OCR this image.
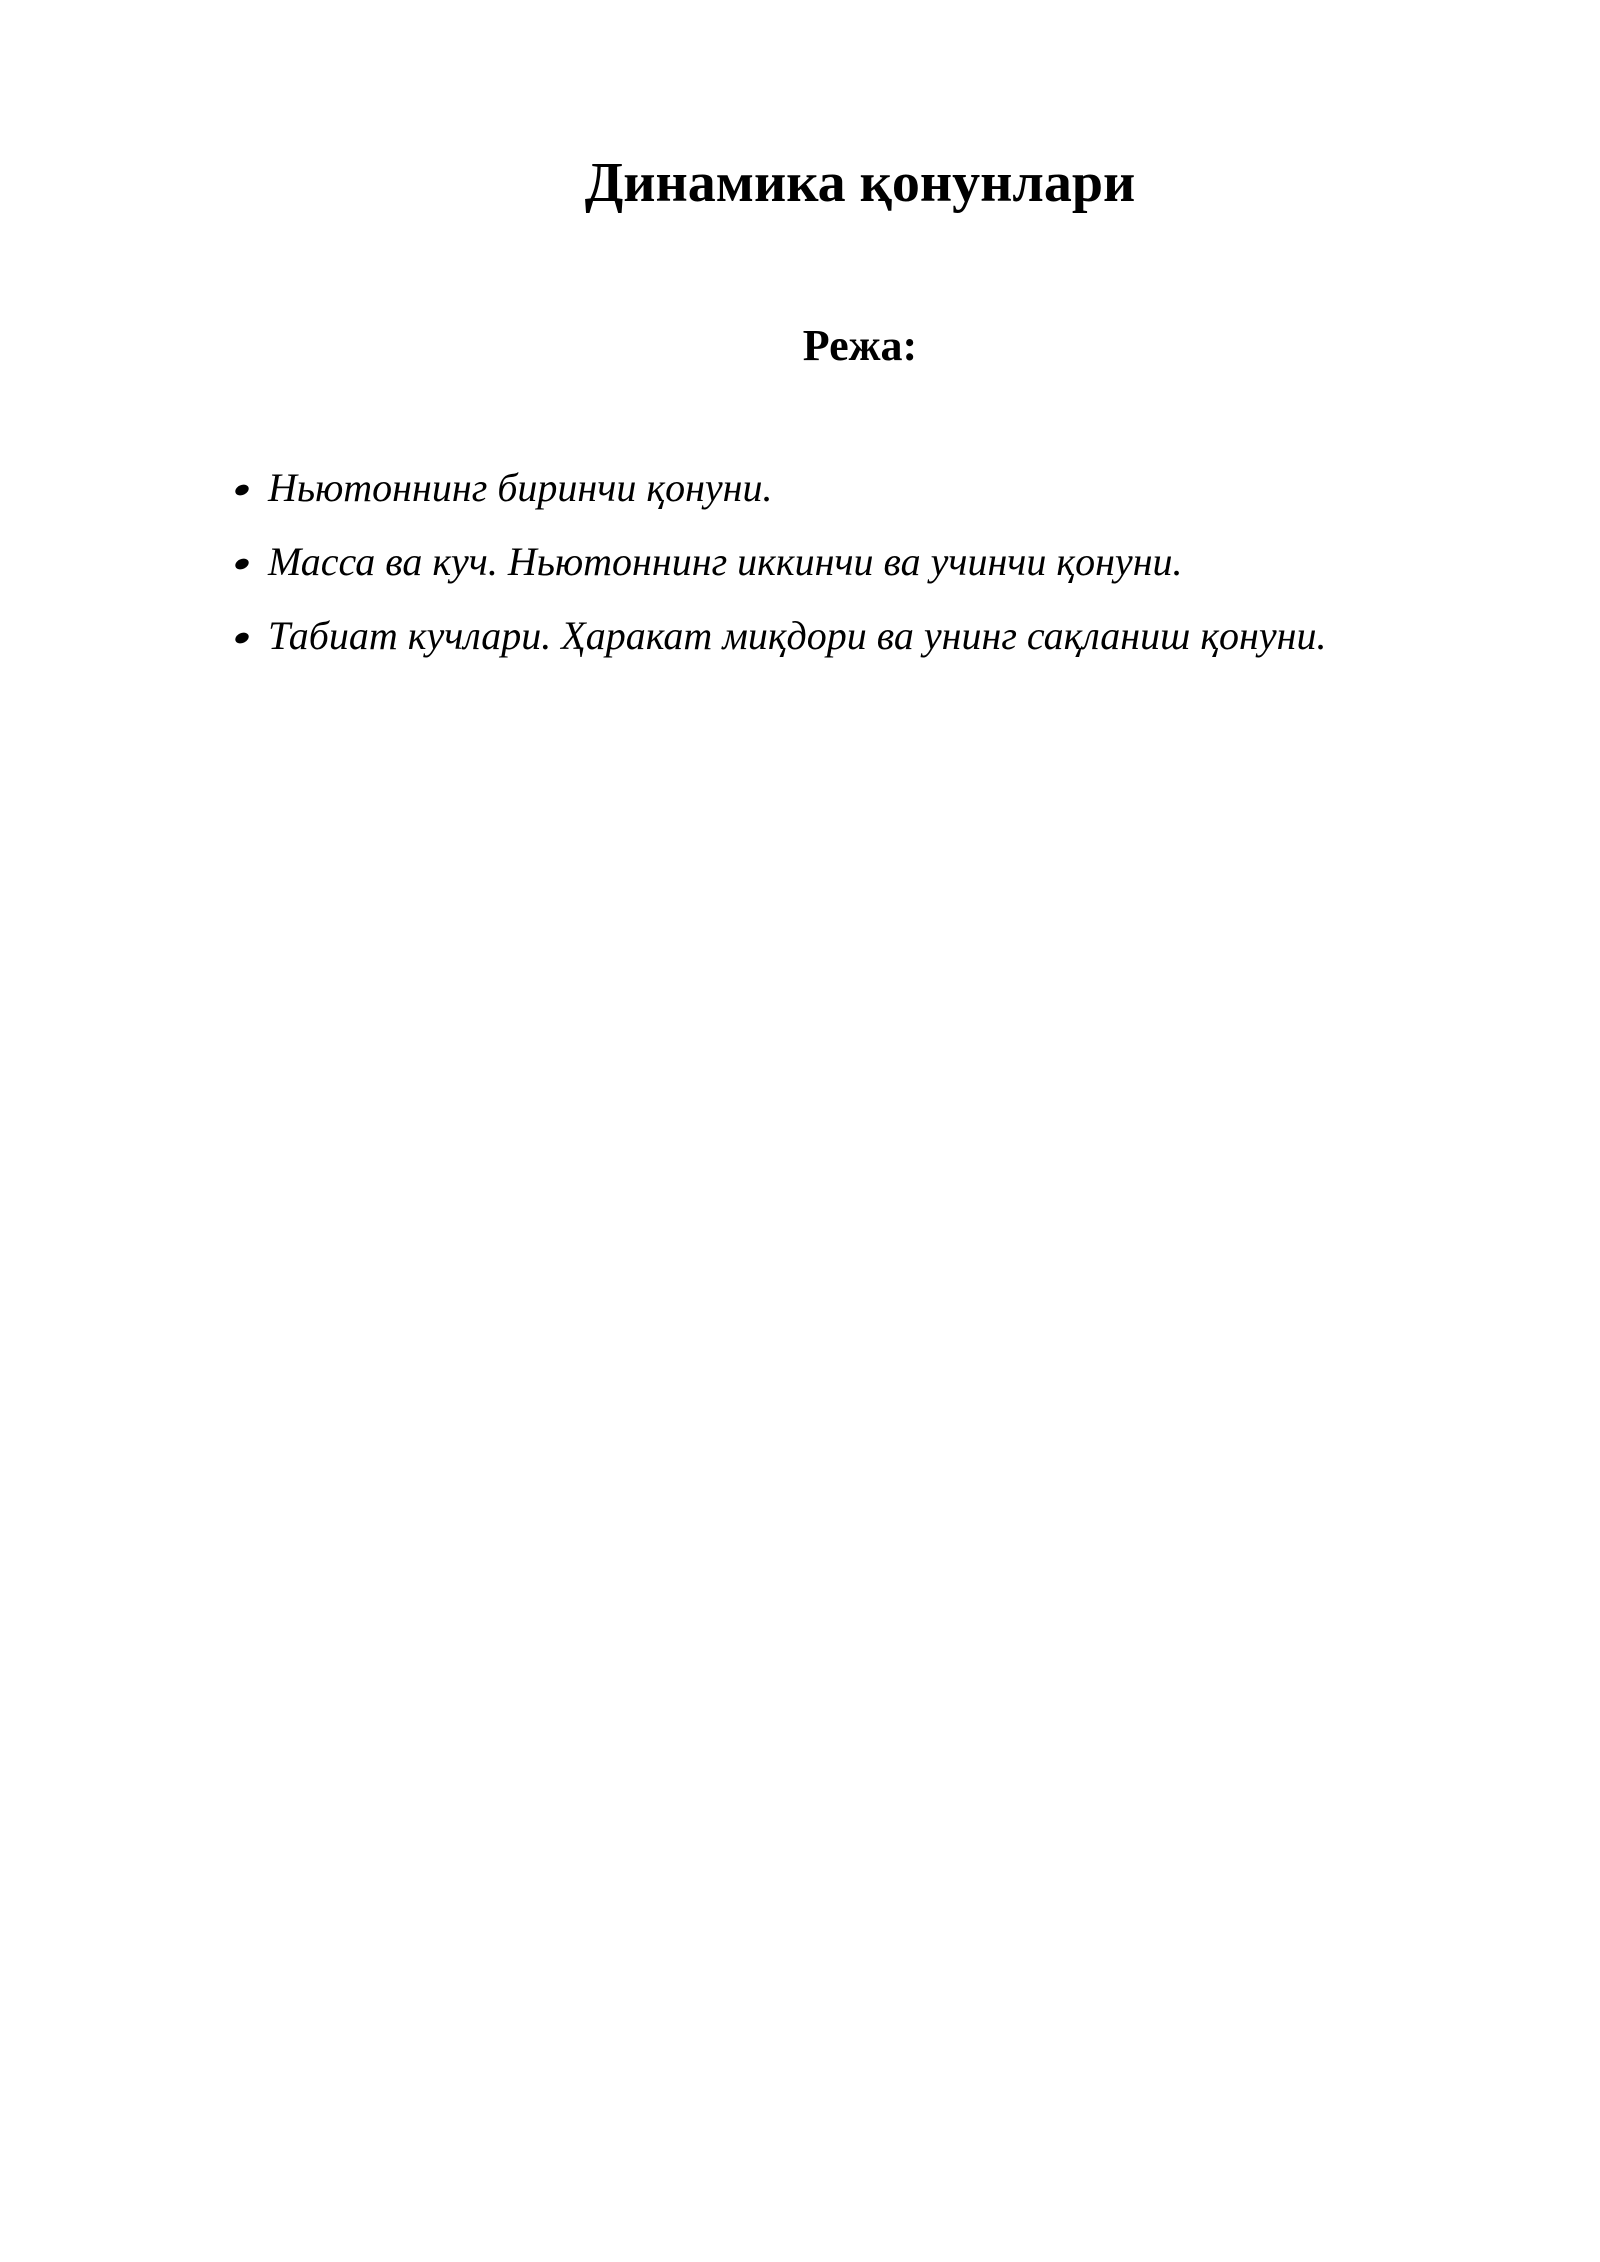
Динамика қонунлари
Режа:
Ньютоннинг биринчи қонуни.
Масса ва куч. Ньютоннинг иккинчи ва учинчи қонуни.
Табиат кучлари. Ҳаракат миқдори ва унинг сақланиш қонуни.
